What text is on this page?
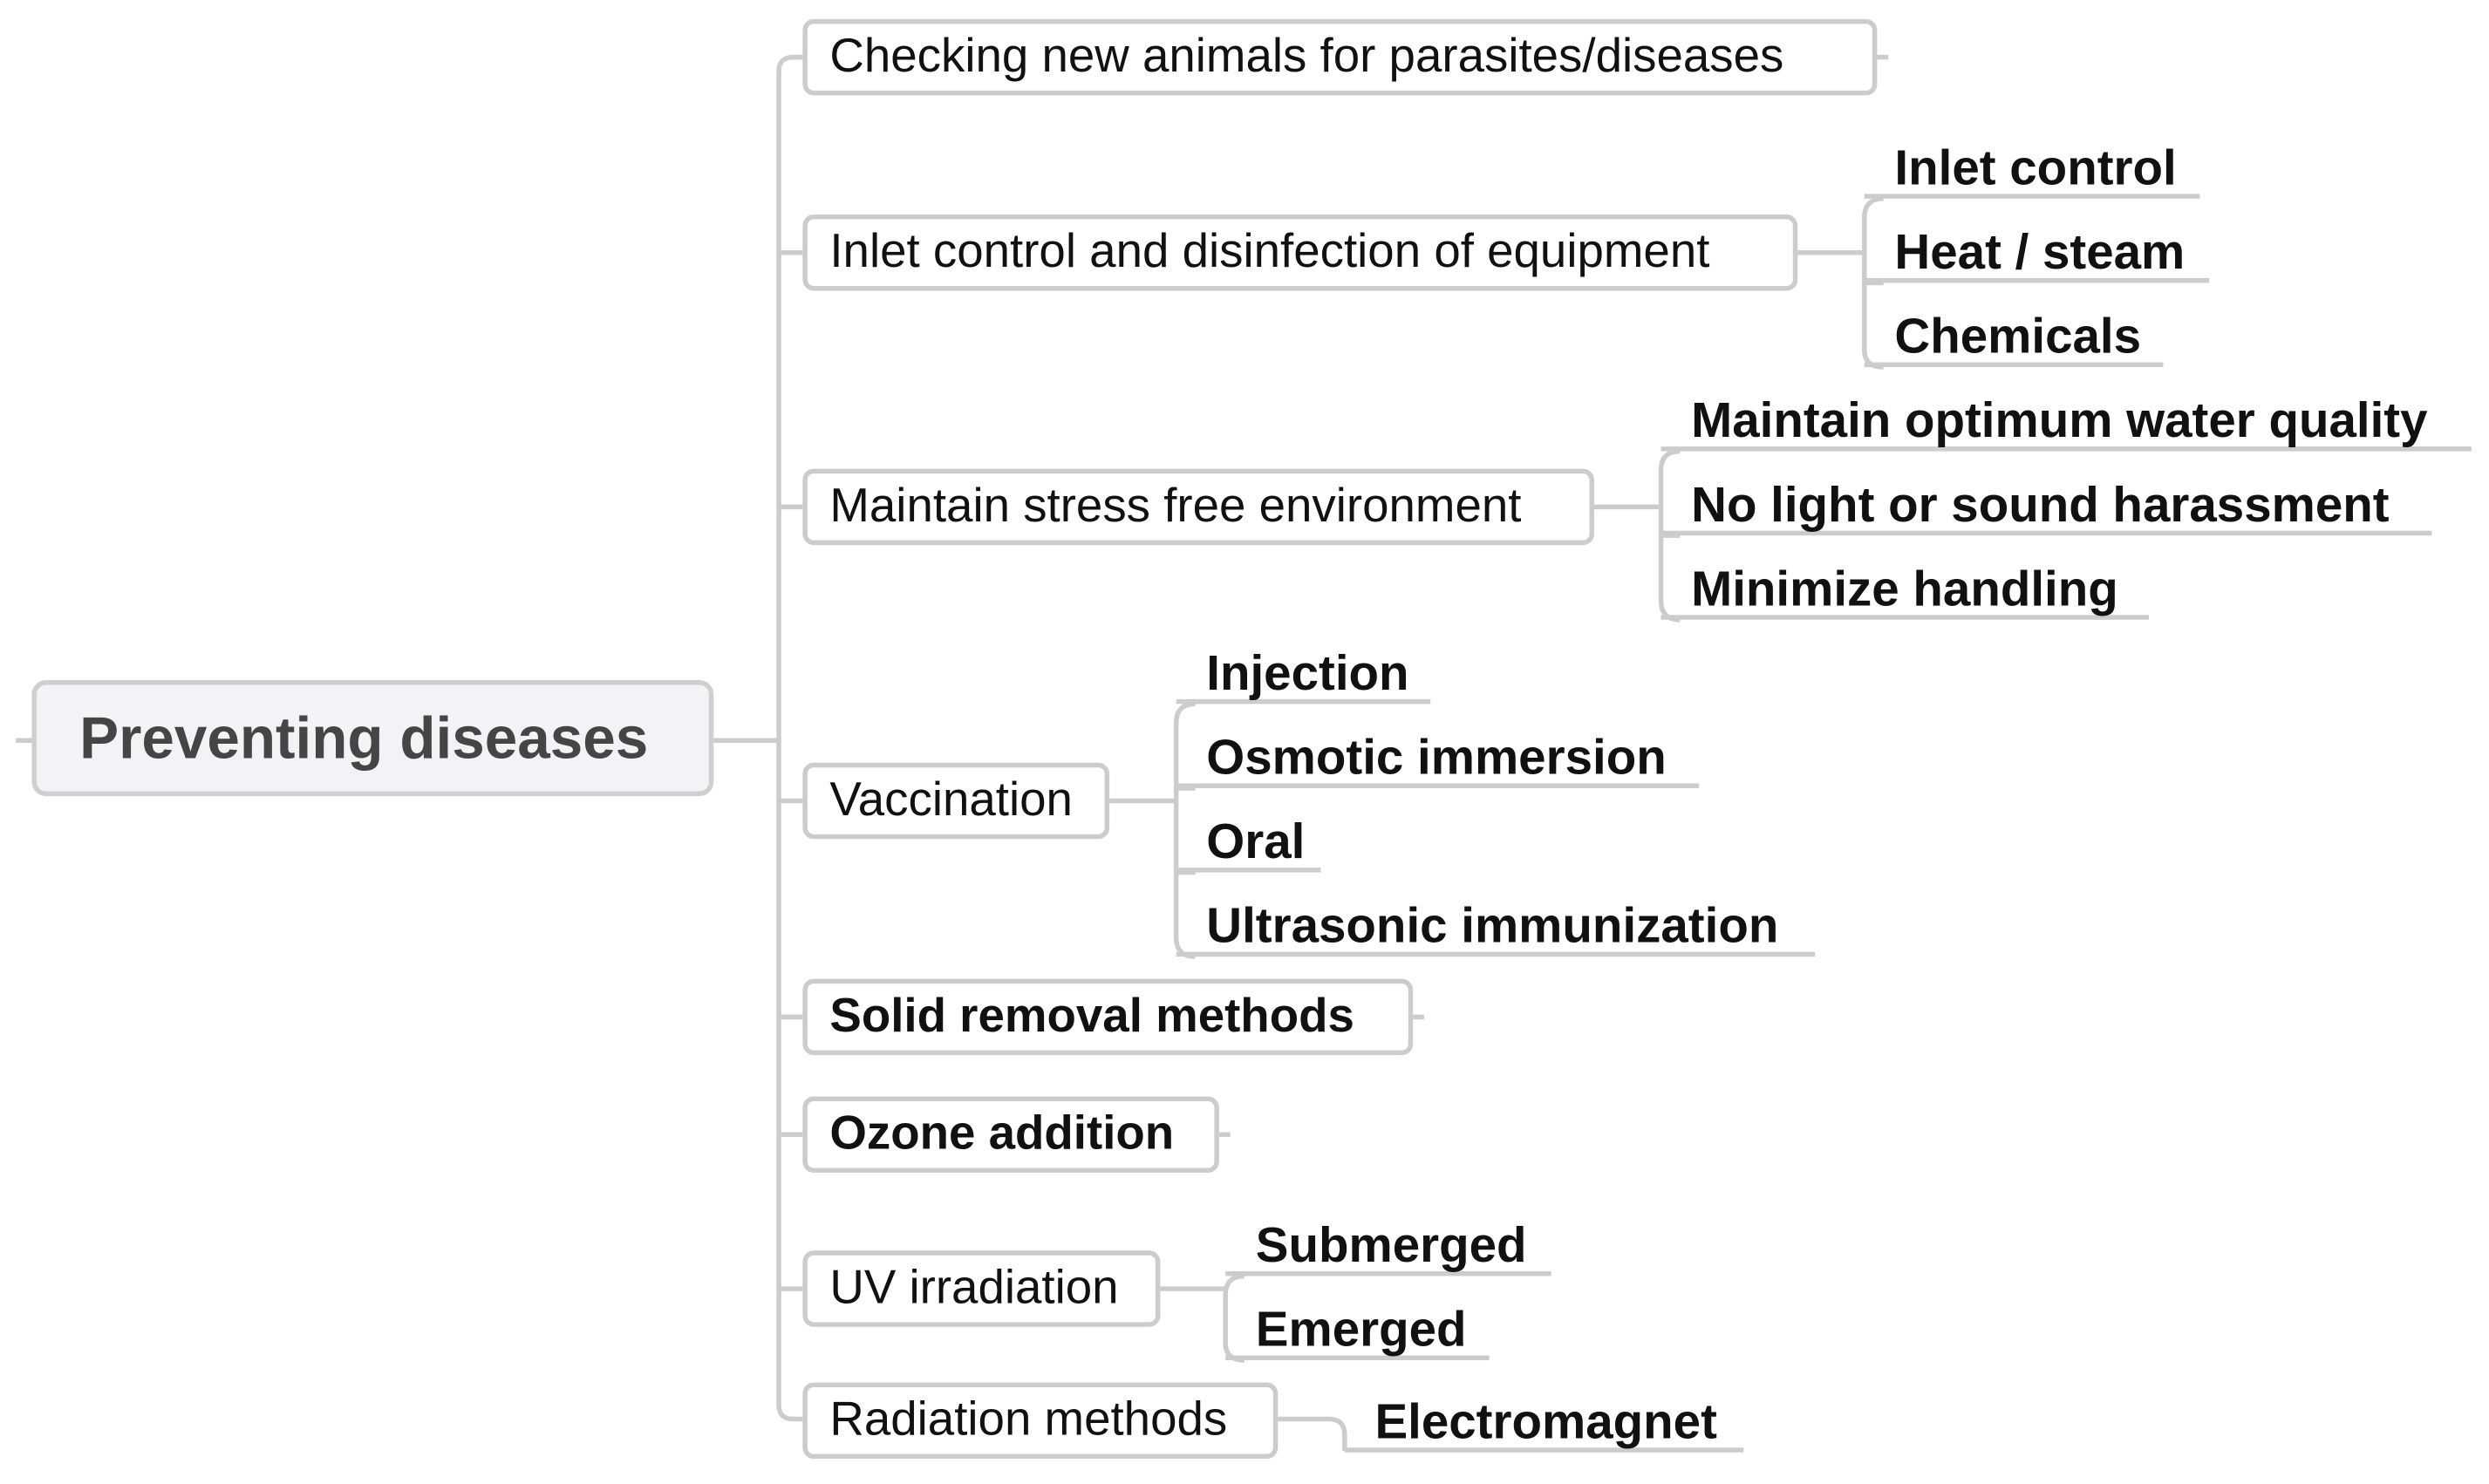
Preventing diseases
Checking new animals for parasites/diseases
Inlet control and disinfection of equipment
Maintain stress free environment
Vaccination
Solid removal methods
Ozone addition
UV irradiation
Radiation methods
Inlet control
Heat / steam
Chemicals
Maintain optimum water quality
No light or sound harassment
Minimize handling
Injection
Osmotic immersion
Oral
Ultrasonic immunization
Submerged
Emerged
Electromagnet
